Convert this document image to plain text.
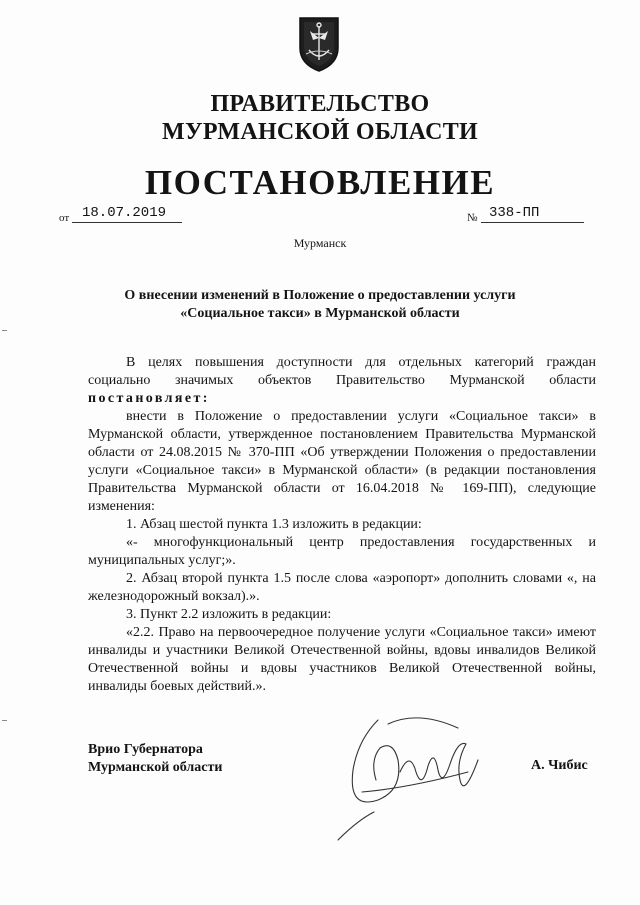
ПРАВИТЕЛЬСТВО
МУРМАНСКОЙ ОБЛАСТИ
ПОСТАНОВЛЕНИЕ
от 18.07.2019	№ 338-ПП
Мурманск
О внесении изменений в Положение о предоставлении услуги
«Социальное такси» в Мурманской области

В целях повышения доступности для отдельных категорий граждан социально значимых объектов Правительство Мурманской области постановляет:

внести в Положение о предоставлении услуги «Социальное такси» в Мурманской области, утвержденное постановлением Правительства Мурманской области от 24.08.2015 № 370-ПП «Об утверждении Положения о предоставлении услуги «Социальное такси» в Мурманской области» (в редакции постановления Правительства Мурманской области от 16.04.2018 № 169-ПП), следующие изменения:

1. Абзац шестой пункта 1.3 изложить в редакции:

«- многофункциональный центр предоставления государственных и муниципальных услуг;».

2. Абзац второй пункта 1.5 после слова «аэропорт» дополнить словами «, на железнодорожный вокзал).».

3. Пункт 2.2 изложить в редакции:

«2.2. Право на первоочередное получение услуги «Социальное такси» имеют инвалиды и участники Великой Отечественной войны, вдовы инвалидов Великой Отечественной войны и вдовы участников Великой Отечественной войны, инвалиды боевых действий.».

Врио Губернатора
Мурманской области	А. Чибис
